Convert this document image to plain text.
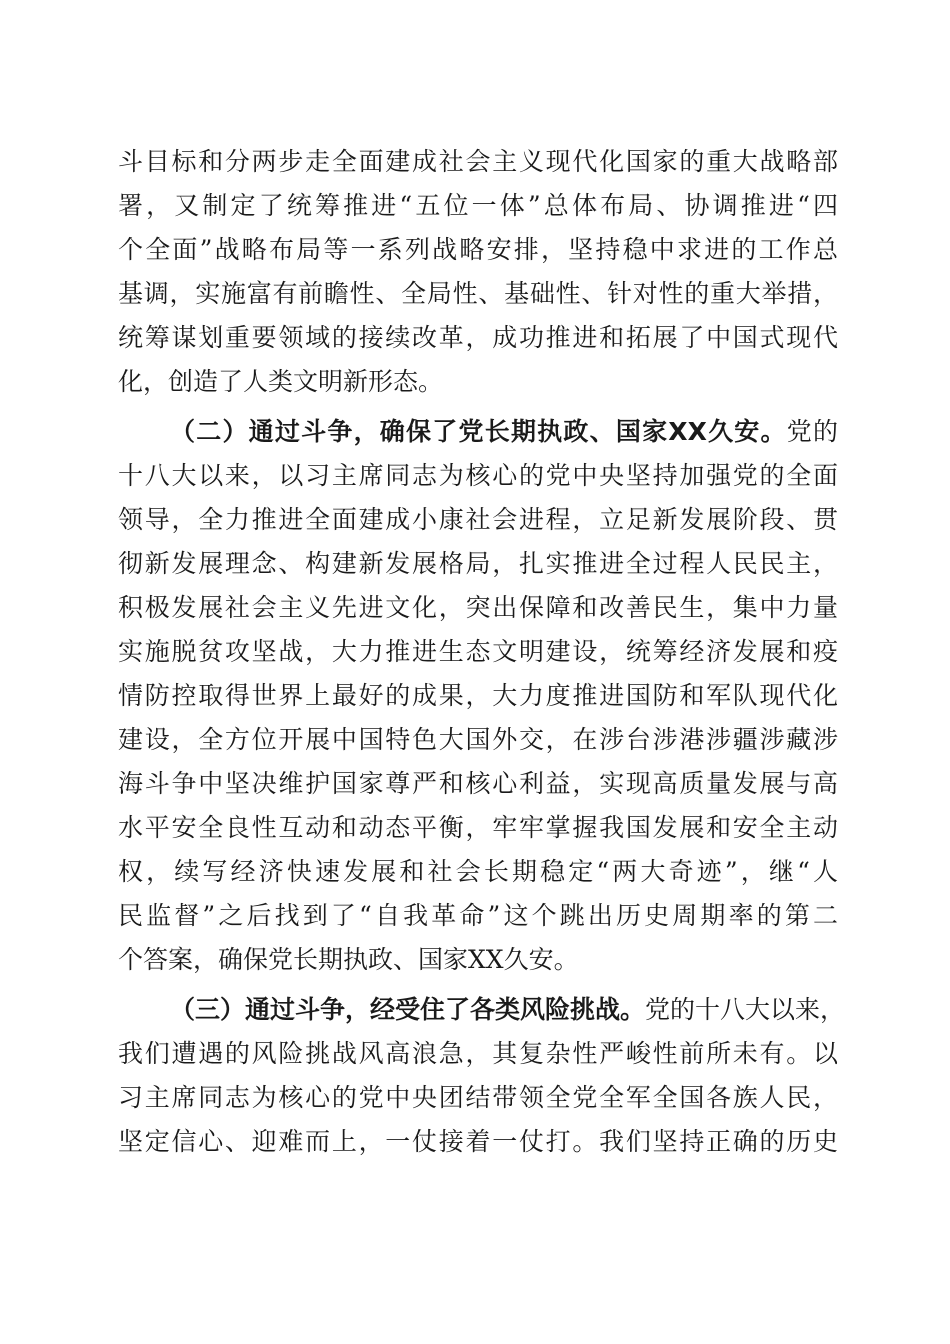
斗目标和分两步走全面建成社会主义现代化国家的重大战略部
署，又制定了统筹推进“五位一体”总体布局、协调推进“四
个全面”战略布局等一系列战略安排，坚持稳中求进的工作总
基调，实施富有前瞻性、全局性、基础性、针对性的重大举措，
统筹谋划重要领域的接续改革，成功推进和拓展了中国式现代
化，创造了人类文明新形态。
（二）通过斗争，确保了党长期执政、国家XX久安。党的
十八大以来，以习主席同志为核心的党中央坚持加强党的全面
领导，全力推进全面建成小康社会进程，立足新发展阶段、贯
彻新发展理念、构建新发展格局，扎实推进全过程人民民主，
积极发展社会主义先进文化，突出保障和改善民生，集中力量
实施脱贫攻坚战，大力推进生态文明建设，统筹经济发展和疫
情防控取得世界上最好的成果，大力度推进国防和军队现代化
建设，全方位开展中国特色大国外交，在涉台涉港涉疆涉藏涉
海斗争中坚决维护国家尊严和核心利益，实现高质量发展与高
水平安全良性互动和动态平衡，牢牢掌握我国发展和安全主动
权，续写经济快速发展和社会长期稳定“两大奇迹”，继“人
民监督”之后找到了“自我革命”这个跳出历史周期率的第二
个答案，确保党长期执政、国家XX久安。
（三）通过斗争，经受住了各类风险挑战。党的十八大以来，
我们遭遇的风险挑战风高浪急，其复杂性严峻性前所未有。以
习主席同志为核心的党中央团结带领全党全军全国各族人民，
坚定信心、迎难而上，一仗接着一仗打。我们坚持正确的历史
